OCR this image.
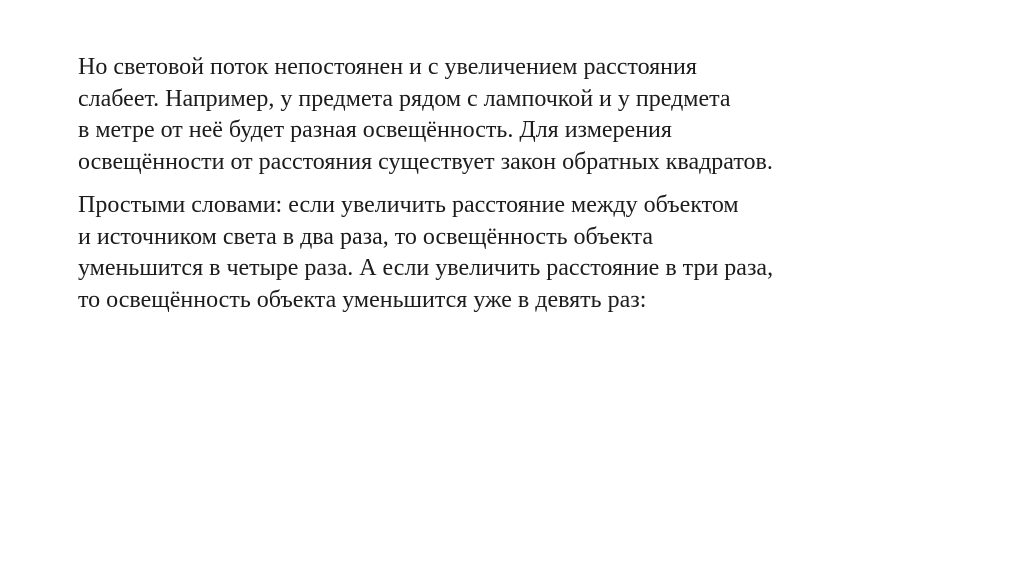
Но световой поток непостоянен и с увеличением расстояния
слабеет. Например, у предмета рядом с лампочкой и у предмета
в метре от неё будет разная освещённость. Для измерения
освещённости от расстояния существует закон обратных квадратов.

Простыми словами: если увеличить расстояние между объектом
и источником света в два раза, то освещённость объекта
уменьшится в четыре раза. А если увеличить расстояние в три раза,
то освещённость объекта уменьшится уже в девять раз:
